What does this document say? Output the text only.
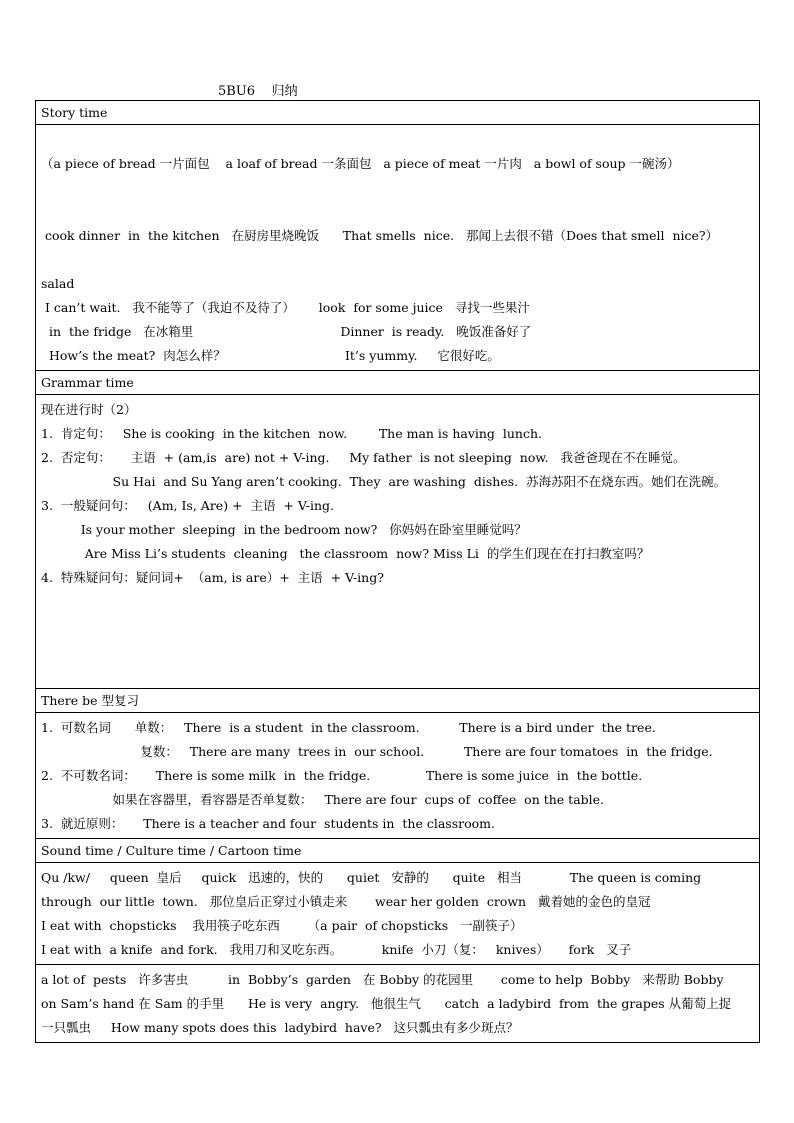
5BU6    归纳
Story time

（a piece of bread 一片面包    a loaf of bread 一条面包   a piece of meat 一片肉   a bowl of soup 一碗汤）

cook dinner  in  the kitchen   在厨房里烧晚饭      That smells  nice.   那闻上去很不错（Does that smell  nice?）

salad
I can’t wait.   我不能等了（我迫不及待了）      look  for some juice   寻找一些果汁
in  the fridge   在冰箱里                                     Dinner  is ready.   晚饭准备好了
How’s the meat?  肉怎么样？                              It’s yummy.     它很好吃。
Grammar time
现在进行时（2）
1.  肯定句：   She is cooking  in the kitchen  now.        The man is having  lunch.
2.  否定句：     主语  + (am,is  are) not + V-ing.     My father  is not sleeping  now.   我爸爸现在不在睡觉。
Su Hai  and Su Yang aren’t cooking.  They  are washing  dishes.  苏海苏阳不在烧东西。她们在洗碗。
3.  一般疑问句：   (Am, Is, Are) +  主语  + V-ing.
Is your mother  sleeping  in the bedroom now?   你妈妈在卧室里睡觉吗？
Are Miss Li’s students  cleaning   the classroom  now? Miss Li  的学生们现在在打扫教室吗？
4.  特殊疑问句：疑问词+  （am, is are）+  主语  + V-ing?

There be 型复习
1.  可数名词      单数：   There  is a student  in the classroom.          There is a bird under  the tree.
复数：   There are many  trees in  our school.          There are four tomatoes  in  the fridge.
2.  不可数名词：     There is some milk  in  the fridge.              There is some juice  in  the bottle.
如果在容器里，看容器是否单复数：   There are four  cups of  coffee  on the table.
3.  就近原则：     There is a teacher and four  students in  the classroom.
Sound time / Culture time / Cartoon time
Qu /kw/     queen  皇后     quick   迅速的，快的      quiet   安静的      quite   相当            The queen is coming
through  our little  town.   那位皇后正穿过小镇走来       wear her golden  crown   戴着她的金色的皇冠
I eat with  chopsticks    我用筷子吃东西       （a pair  of chopsticks   一副筷子）
I eat with  a knife  and fork.   我用刀和叉吃东西。          knife  小刀（复：   knives）     fork   叉子
a lot of  pests   许多害虫          in  Bobby’s  garden   在 Bobby 的花园里       come to help  Bobby   来帮助 Bobby
on Sam’s hand 在 Sam 的手里      He is very  angry.   他很生气      catch  a ladybird  from  the grapes 从葡萄上捉
一只瓢虫     How many spots does this  ladybird  have?   这只瓢虫有多少斑点？
